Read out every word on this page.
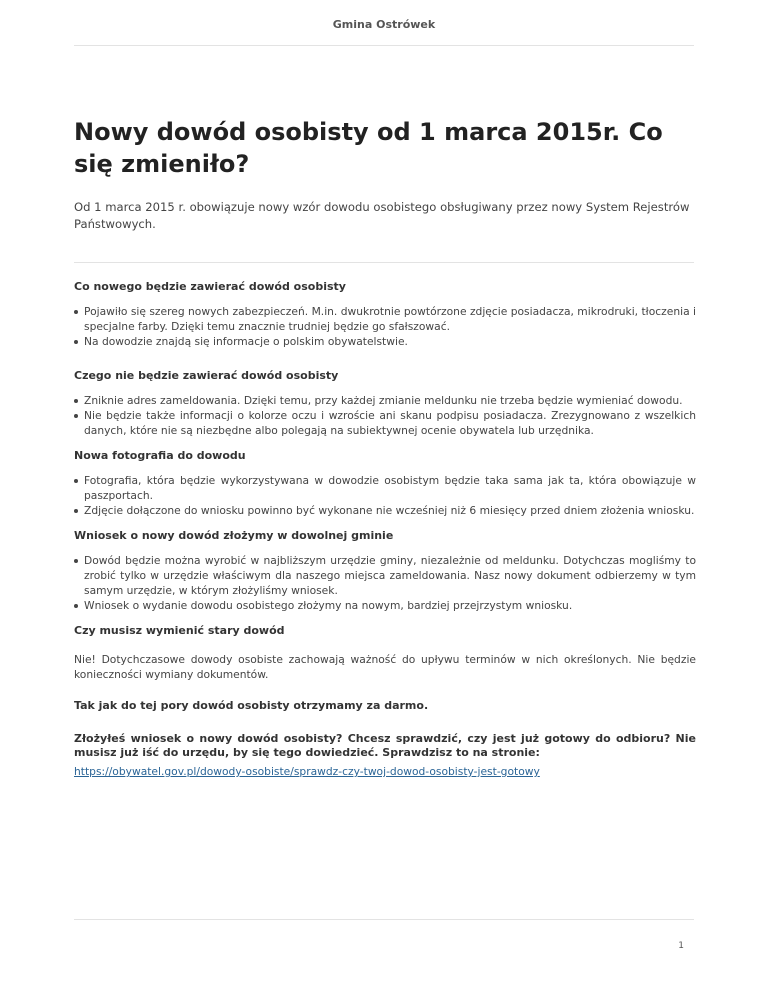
Gmina Ostrówek
Nowy dowód osobisty od 1 marca 2015r. Co się zmieniło?

Od 1 marca 2015 r. obowiązuje nowy wzór dowodu osobistego obsługiwany przez nowy System Rejestrów Państwowych.

Co nowego będzie zawierać dowód osobisty
Pojawiło się szereg nowych zabezpieczeń. M.in. dwukrotnie powtórzone zdjęcie posiadacza, mikrodruki, tłoczenia i specjalne farby. Dzięki temu znacznie trudniej będzie go sfałszować.
Na dowodzie znajdą się informacje o polskim obywatelstwie.
Czego nie będzie zawierać dowód osobisty
Zniknie adres zameldowania. Dzięki temu, przy każdej zmianie meldunku nie trzeba będzie wymieniać dowodu.
Nie będzie także informacji o kolorze oczu i wzroście ani skanu podpisu posiadacza. Zrezygnowano z wszelkich danych, które nie są niezbędne albo polegają na subiektywnej ocenie obywatela lub urzędnika.
Nowa fotografia do dowodu
Fotografia, która będzie wykorzystywana w dowodzie osobistym będzie taka sama jak ta, która obowiązuje w paszportach.
Zdjęcie dołączone do wniosku powinno być wykonane nie wcześniej niż 6 miesięcy przed dniem złożenia wniosku.
Wniosek o nowy dowód złożymy w dowolnej gminie
Dowód będzie można wyrobić w najbliższym urzędzie gminy, niezależnie od meldunku. Dotychczas mogliśmy to zrobić tylko w urzędzie właściwym dla naszego miejsca zameldowania. Nasz nowy dokument odbierzemy w tym samym urzędzie, w którym złożyliśmy wniosek.
Wniosek o wydanie dowodu osobistego złożymy na nowym, bardziej przejrzystym wniosku.
Czy musisz wymienić stary dowód

Nie! Dotychczasowe dowody osobiste zachowają ważność do upływu terminów w nich określonych. Nie będzie konieczności wymiany dokumentów.

Tak jak do tej pory dowód osobisty otrzymamy za darmo.

Złożyłeś wniosek o nowy dowód osobisty? Chcesz sprawdzić, czy jest już gotowy do odbioru? Nie musisz już iść do urzędu, by się tego dowiedzieć. Sprawdzisz to na stronie:

https://obywatel.gov.pl/dowody-osobiste/sprawdz-czy-twoj-dowod-osobisty-jest-gotowy
1
